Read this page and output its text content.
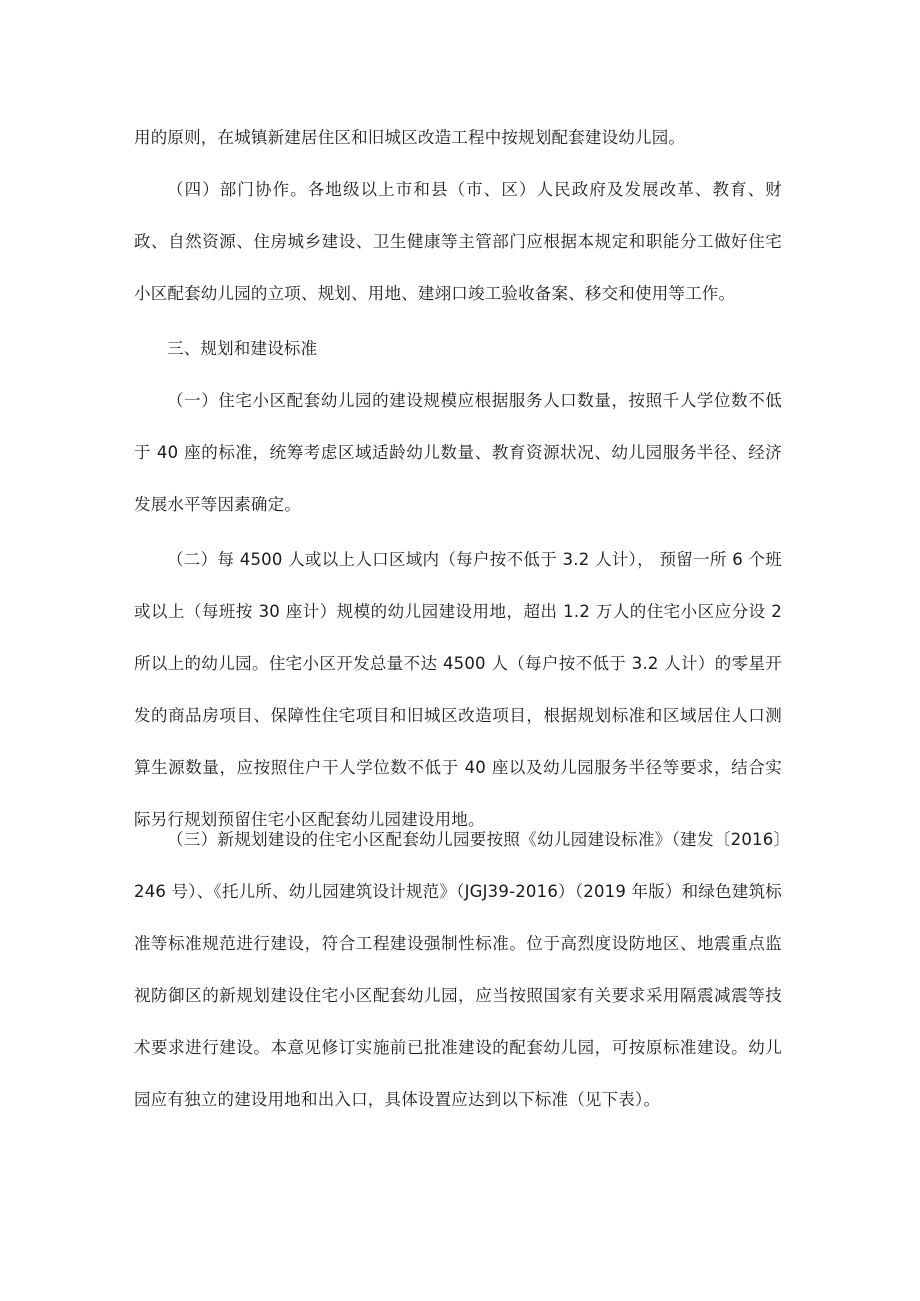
用的原则，在城镇新建居住区和旧城区改造工程中按规划配套建设幼儿园。

（四）部门协作。各地级以上市和县（市、区）人民政府及发展改革、教育、财政、自然资源、住房城乡建设、卫生健康等主管部门应根据本规定和职能分工做好住宅小区配套幼儿园的立项、规划、用地、建翊口竣工验收备案、移交和使用等工作。

三、规划和建设标准

（一）住宅小区配套幼儿园的建设规模应根据服务人口数量，按照千人学位数不低于 40 座的标准，统筹考虑区域适龄幼儿数量、教育资源状况、幼儿园服务半径、经济发展水平等因素确定。

（二）每 4500 人或以上人口区域内（每户按不低于 3.2 人计）， 预留一所 6 个班或以上（每班按 30 座计）规模的幼儿园建设用地，超出 1.2 万人的住宅小区应分设 2 所以上的幼儿园。住宅小区开发总量不达 4500 人（每户按不低于 3.2 人计）的零星开发的商品房项目、保障性住宅项目和旧城区改造项目，根据规划标准和区域居住人口测算生源数量，应按照住户干人学位数不低于 40 座以及幼儿园服务半径等要求，结合实际另行规划预留住宅小区配套幼儿园建设用地。

（三）新规划建设的住宅小区配套幼儿园要按照《幼儿园建设标准》（建发〔2016〕246 号）、《托儿所、幼儿园建筑设计规范》（JGJ39-2016）（2019 年版）和绿色建筑标准等标准规范进行建设，符合工程建设强制性标准。位于高烈度设防地区、地震重点监视防御区的新规划建设住宅小区配套幼儿园，应当按照国家有关要求采用隔震减震等技术要求进行建设。本意见修订实施前已批准建设的配套幼儿园，可按原标准建设。幼儿园应有独立的建设用地和出入口，具体设置应达到以下标准（见下表）。
